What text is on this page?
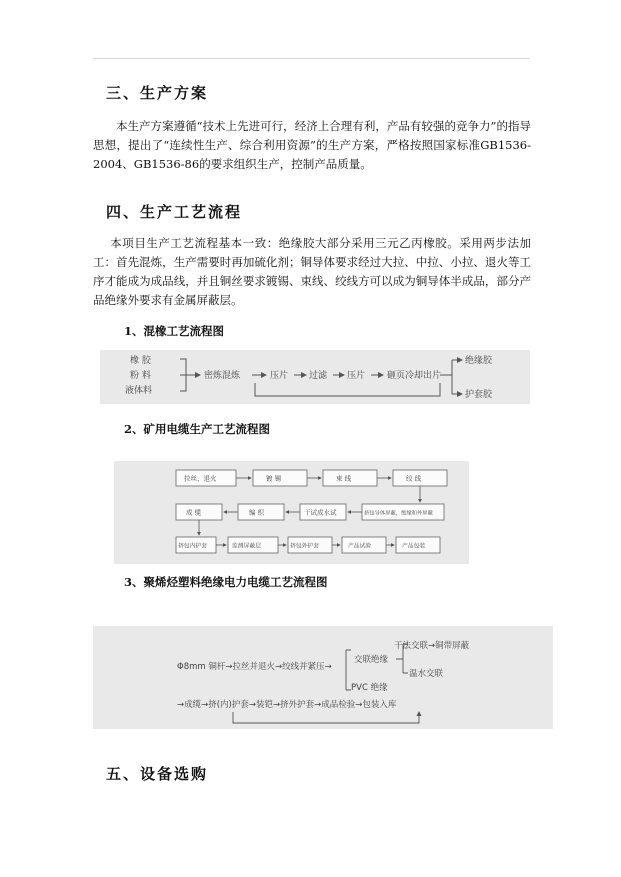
三、生产方案

本生产方案遵循“技术上先进可行，经济上合理有利，产品有较强的竞争力”的指导思想，提出了“连续性生产、综合利用资源”的生产方案，严格按照国家标准GB1536-2004、GB1536-86的要求组织生产，控制产品质量。

四、生产工艺流程

本项目生产工艺流程基本一致：绝缘胶大部分采用三元乙丙橡胶。采用两步法加工：首先混炼，生产需要时再加硫化剂；铜导体要求经过大拉、中拉、小拉、退火等工序才能成为成品线，并且铜丝要求镀锡、束线、绞线方可以成为铜导体半成品，部分产品绝缘外要求有金属屏蔽层。

1、混橡工艺流程图

橡 胶
粉 料
液体料
密炼混炼	压片 过滤 压片 砸页冷却出片
绝缘胶
护套胶

2、矿用电缆生产工艺流程图

拉丝、退火	镀 锡	束 线	绞 线
成 缆	编 织	干试成水试	挤包导体屏蔽，绝缘和外屏蔽
挤包内护套	监测屏蔽层	挤包外护套	产品试验	产品包装

3、聚烯烃塑料绝缘电力电缆工艺流程图

Φ8mm 铜杆→拉丝并退火→绞线并紧压→
交联绝缘
PVC 绝缘
干法交联→铜带屏蔽
温水交联
→成缆→挤(内)护套→装铠→挤外护套→成品检验→包装入库
五、设备选购
